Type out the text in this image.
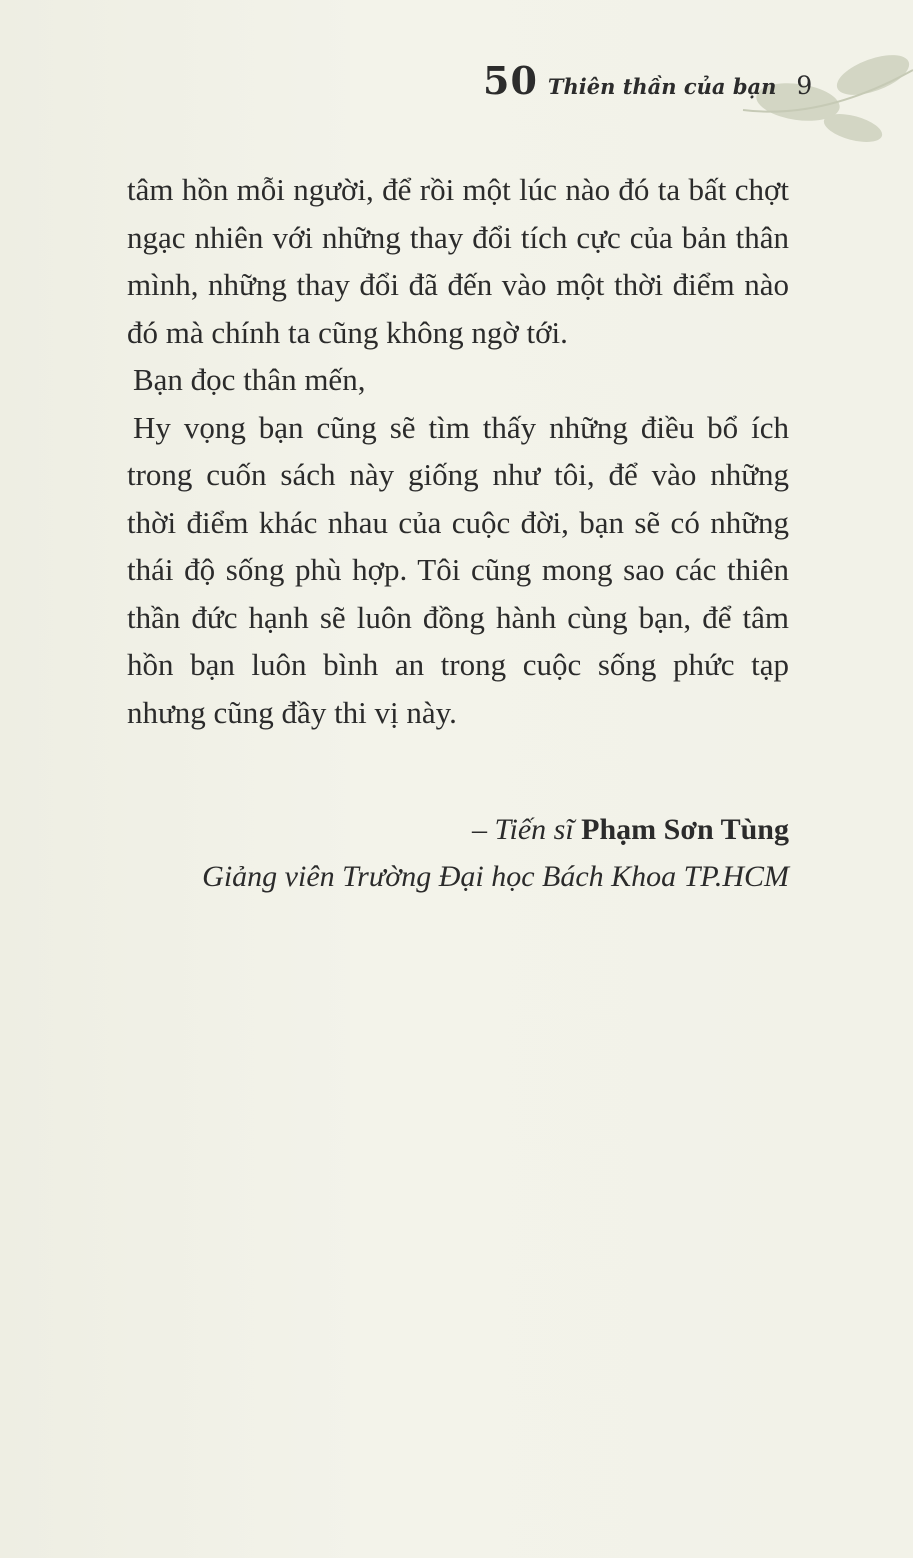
50 Thiên thần của bạn 9

tâm hồn mỗi người, để rồi một lúc nào đó ta bất chợt ngạc nhiên với những thay đổi tích cực của bản thân mình, những thay đổi đã đến vào một thời điểm nào đó mà chính ta cũng không ngờ tới.

Bạn đọc thân mến,

Hy vọng bạn cũng sẽ tìm thấy những điều bổ ích trong cuốn sách này giống như tôi, để vào những thời điểm khác nhau của cuộc đời, bạn sẽ có những thái độ sống phù hợp. Tôi cũng mong sao các thiên thần đức hạnh sẽ luôn đồng hành cùng bạn, để tâm hồn bạn luôn bình an trong cuộc sống phức tạp nhưng cũng đầy thi vị này.

– Tiến sĩ Phạm Sơn Tùng
Giảng viên Trường Đại học Bách Khoa TP.HCM
